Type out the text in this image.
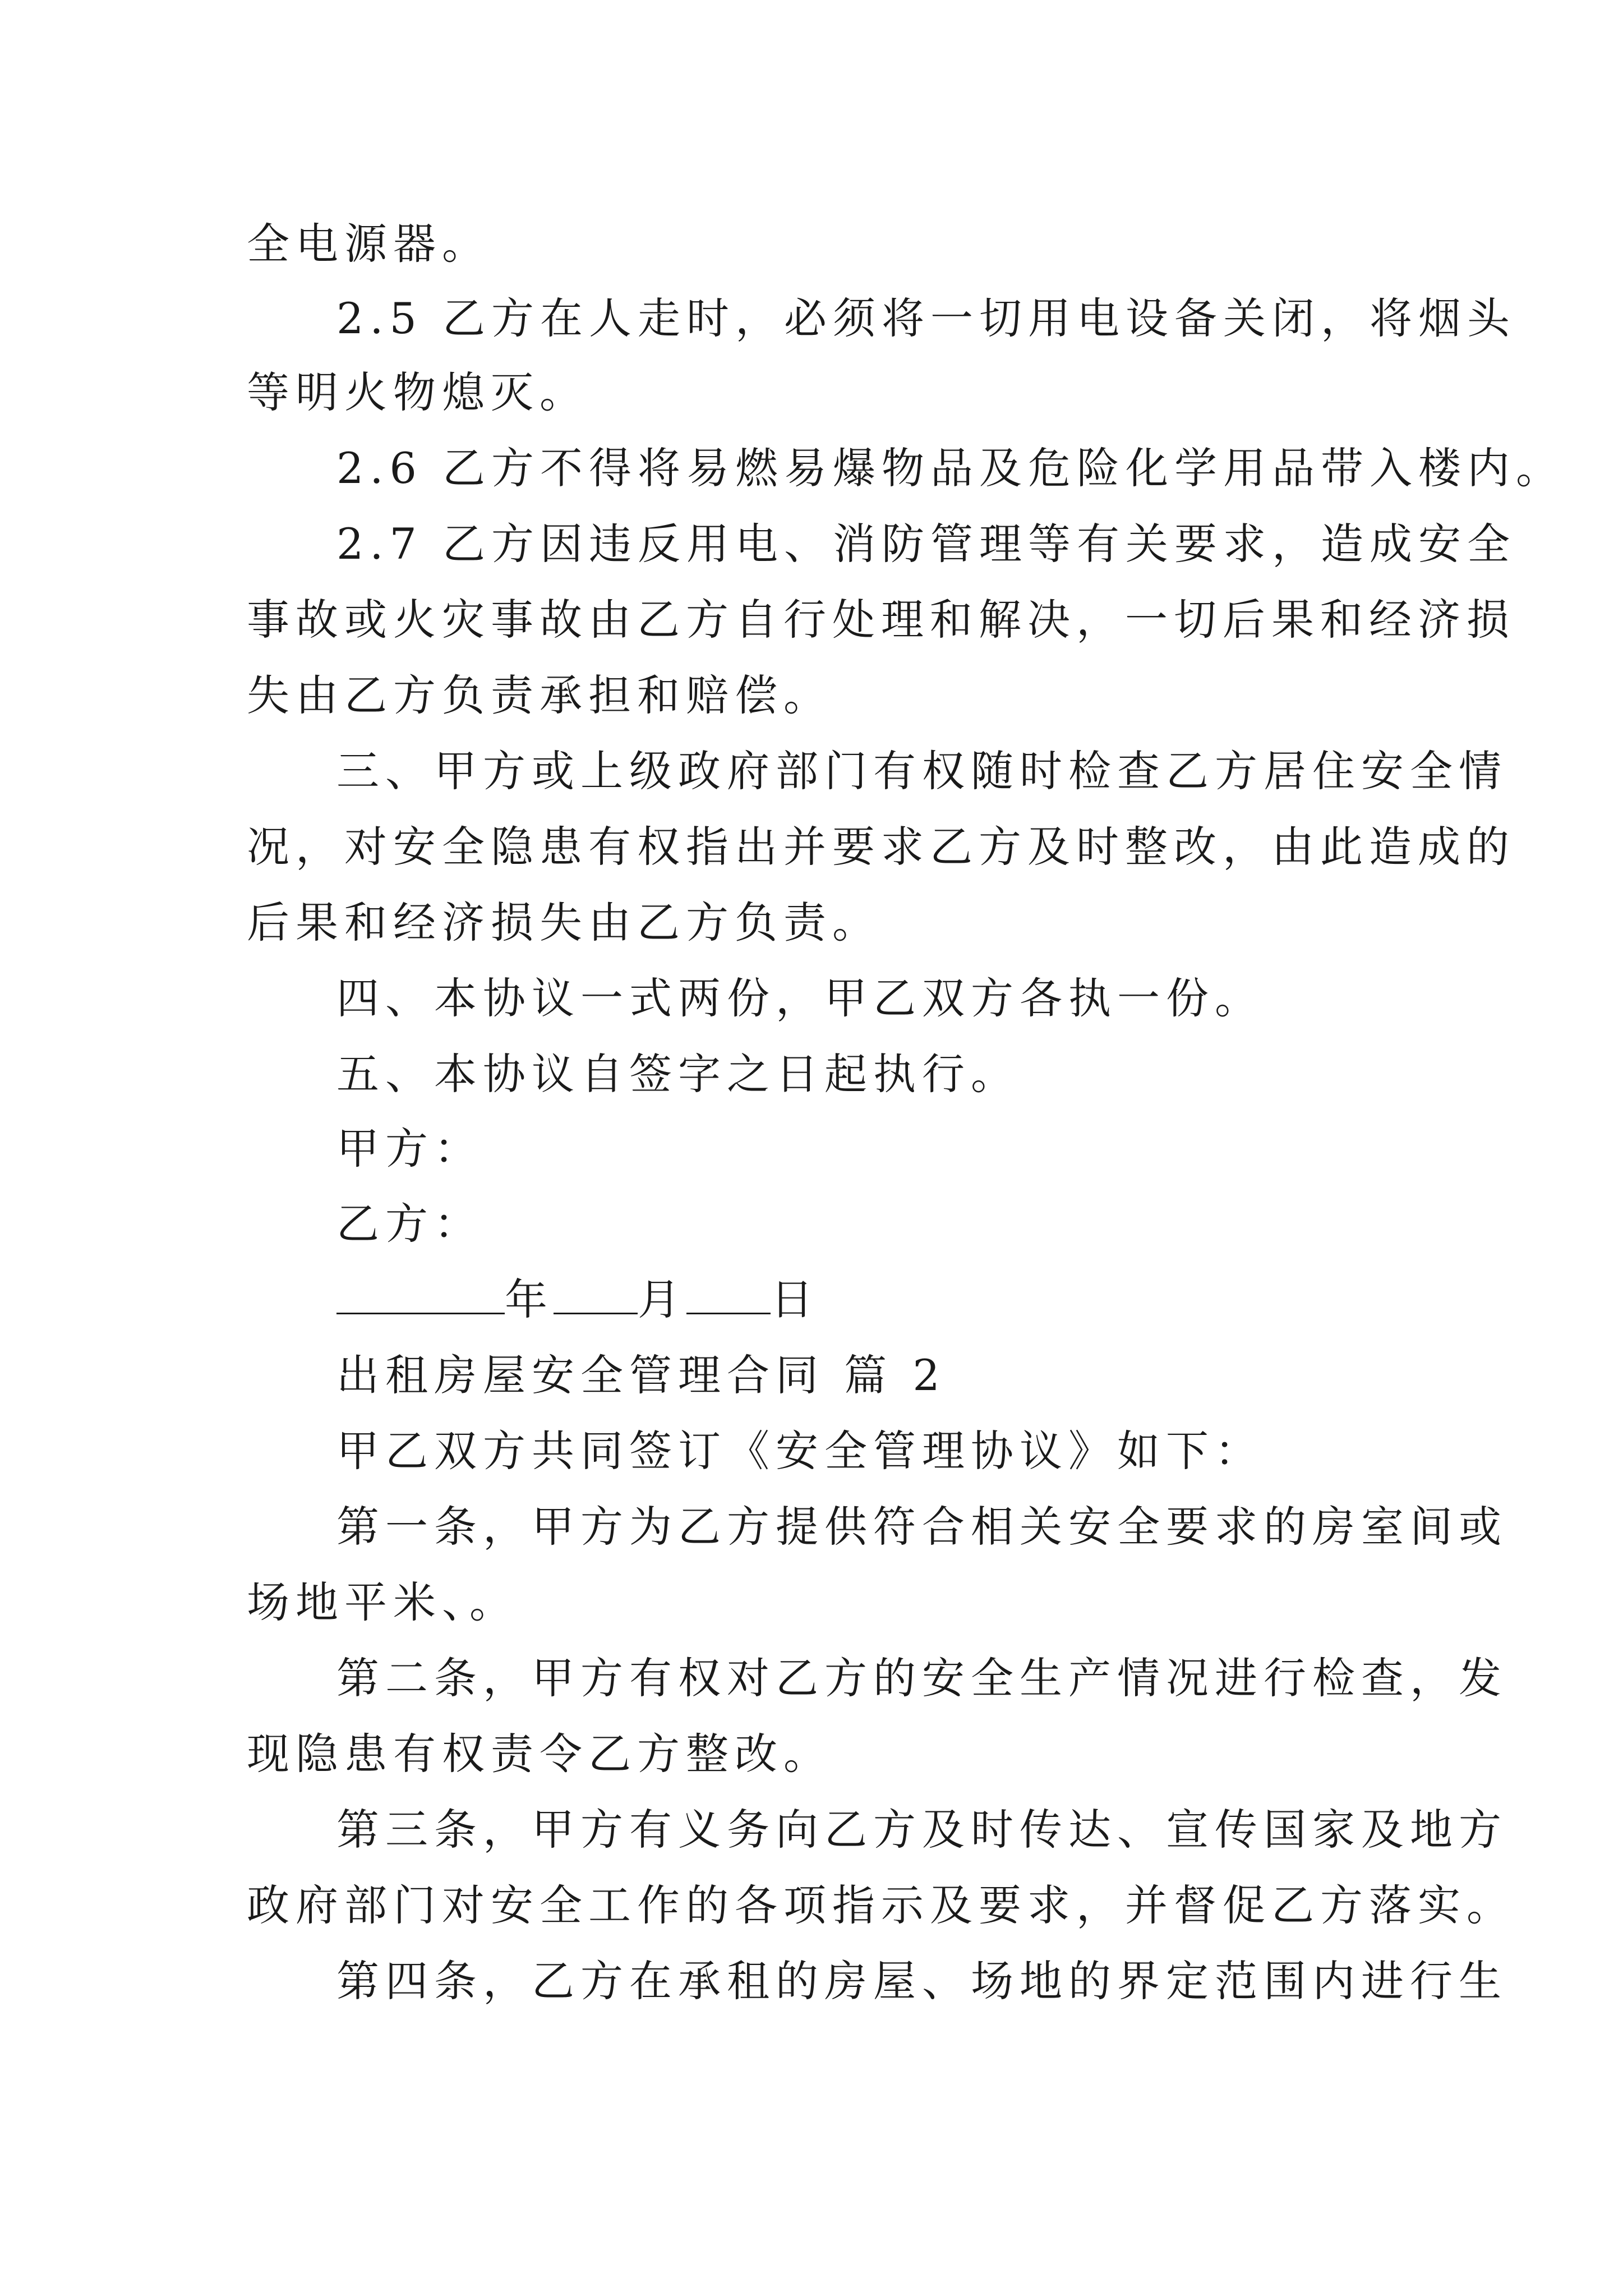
全电源器。
2.5 乙方在人走时，必须将一切用电设备关闭，将烟头
等明火物熄灭。
2.6 乙方不得将易燃易爆物品及危险化学用品带入楼内。
2.7 乙方因违反用电、消防管理等有关要求，造成安全
事故或火灾事故由乙方自行处理和解决，一切后果和经济损
失由乙方负责承担和赔偿。
三、甲方或上级政府部门有权随时检查乙方居住安全情
况，对安全隐患有权指出并要求乙方及时整改，由此造成的
后果和经济损失由乙方负责。
四、本协议一式两份，甲乙双方各执一份。
五、本协议自签字之日起执行。
甲方：
乙方：
年 月 日
出租房屋安全管理合同 篇 2
甲乙双方共同签订《安全管理协议》如下：
第一条，甲方为乙方提供符合相关安全要求的房室间或
场地平米、。
第二条，甲方有权对乙方的安全生产情况进行检查，发
现隐患有权责令乙方整改。
第三条，甲方有义务向乙方及时传达、宣传国家及地方
政府部门对安全工作的各项指示及要求，并督促乙方落实。
第四条，乙方在承租的房屋、场地的界定范围内进行生
